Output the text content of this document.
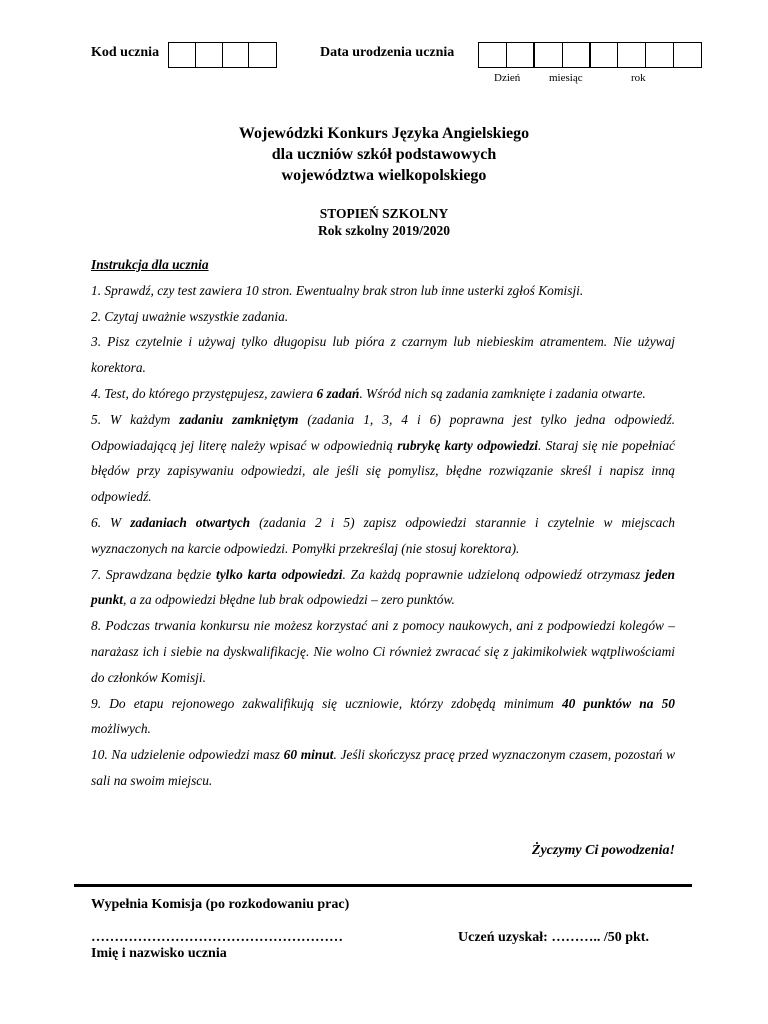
Kod ucznia	Data urodzenia ucznia
Dzień	miesiąc	rok
Wojewódzki Konkurs Języka Angielskiego
dla uczniów szkół podstawowych
województwa wielkopolskiego
STOPIEŃ SZKOLNY
Rok szkolny 2019/2020

Instrukcja dla ucznia

1. Sprawdź, czy test zawiera 10 stron. Ewentualny brak stron lub inne usterki zgłoś Komisji.

2. Czytaj uważnie wszystkie zadania.

3. Pisz czytelnie i używaj tylko długopisu lub pióra z czarnym lub niebieskim atramentem. Nie używaj korektora.

4. Test, do którego przystępujesz, zawiera 6 zadań. Wśród nich są zadania zamknięte i zadania otwarte.

5. W każdym zadaniu zamkniętym (zadania 1, 3, 4 i 6) poprawna jest tylko jedna odpowiedź. Odpowiadającą jej literę należy wpisać w odpowiednią rubrykę karty odpowiedzi. Staraj się nie popełniać błędów przy zapisywaniu odpowiedzi, ale jeśli się pomylisz, błędne rozwiązanie skreśl i napisz inną odpowiedź.

6. W zadaniach otwartych (zadania 2 i 5) zapisz odpowiedzi starannie i czytelnie w miejscach wyznaczonych na karcie odpowiedzi. Pomyłki przekreślaj (nie stosuj korektora).

7. Sprawdzana będzie tylko karta odpowiedzi. Za każdą poprawnie udzieloną odpowiedź otrzymasz jeden punkt, a za odpowiedzi błędne lub brak odpowiedzi – zero punktów.

8. Podczas trwania konkursu nie możesz korzystać ani z pomocy naukowych, ani z podpowiedzi kolegów – narażasz ich i siebie na dyskwalifikację. Nie wolno Ci również zwracać się z jakimikolwiek wątpliwościami do członków Komisji.

9. Do etapu rejonowego zakwalifikują się uczniowie, którzy zdobędą minimum 40 punktów na 50 możliwych.

10. Na udzielenie odpowiedzi masz 60 minut. Jeśli skończysz pracę przed wyznaczonym czasem, pozostań w sali na swoim miejscu.

Życzymy Ci powodzenia!
Wypełnia Komisja (po rozkodowaniu prac)
………………………………………………
Imię i nazwisko ucznia
Uczeń uzyskał: ……….. /50 pkt.
